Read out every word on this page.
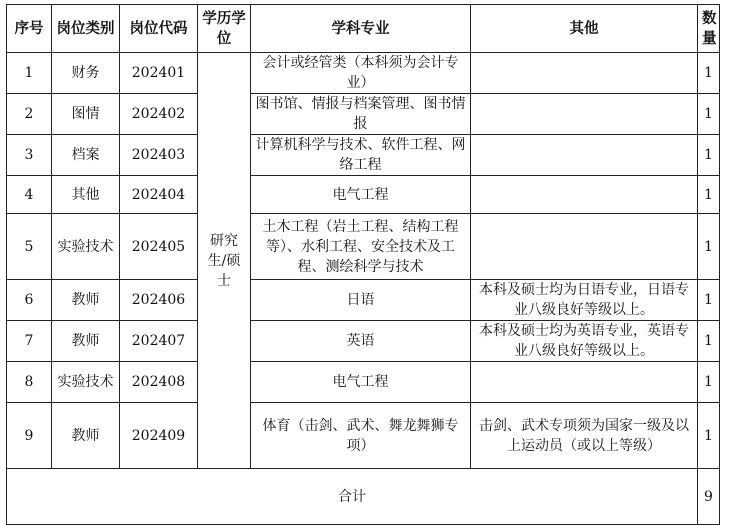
序号	岗位类别	岗位代码	学历学位	学科专业	其他	数量
1	财务	202401	研究生/硕士	会计或经管类（本科须为会计专业）		1
2	图情	202402		图书馆、情报与档案管理、图书情报		1
3	档案	202403		计算机科学与技术、软件工程、网络工程		1
4	其他	202404		电气工程		1
5	实验技术	202405		土木工程（岩土工程、结构工程等）、水利工程、安全技术及工程、测绘科学与技术		1
6	教师	202406		日语	本科及硕士均为日语专业，日语专业八级良好等级以上。	1
7	教师	202407		英语	本科及硕士均为英语专业，英语专业八级良好等级以上。	1
8	实验技术	202408		电气工程		1
9	教师	202409		体育（击剑、武术、舞龙舞狮专项）	击剑、武术专项须为国家一级及以上运动员（或以上等级）	1
合计						9
